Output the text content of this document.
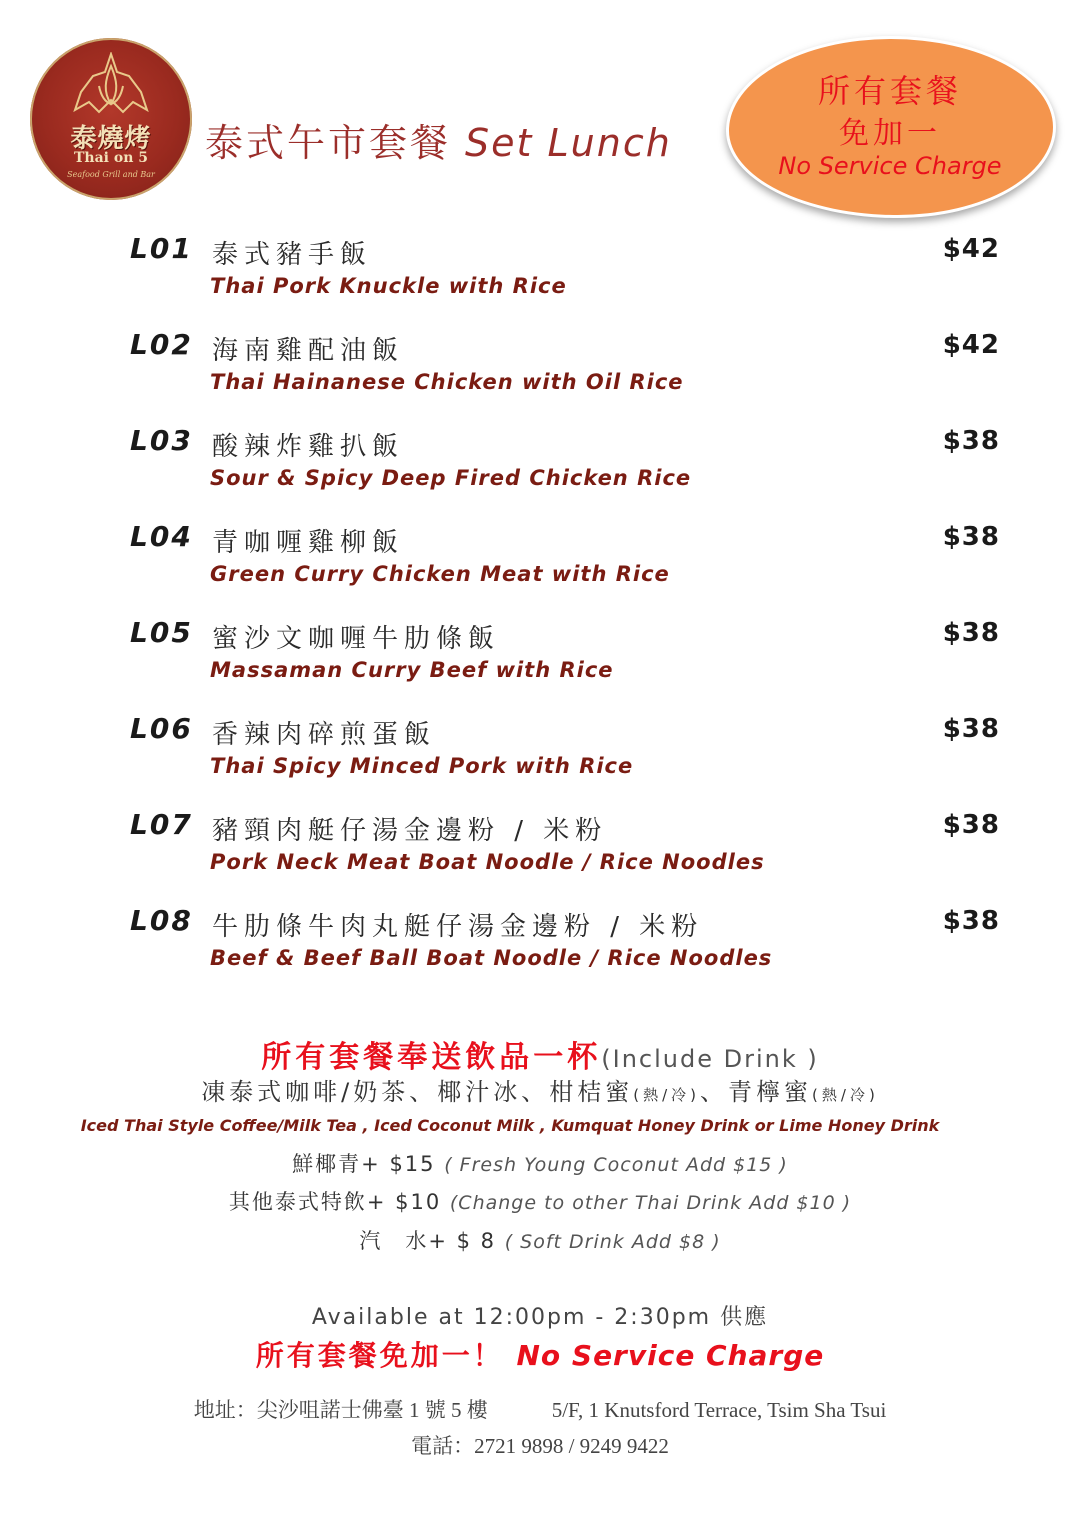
泰燒烤
Thai on 5
Seafood Grill and Bar
泰式午市套餐 Set Lunch
所有套餐
免加一
No Service Charge
L01 泰式豬手飯
Thai Pork Knuckle with Rice
$42
L02 海南雞配油飯
Thai Hainanese Chicken with Oil Rice
$42
L03 酸辣炸雞扒飯
Sour & Spicy Deep Fired Chicken Rice
$38
L04 青咖喱雞柳飯
Green Curry Chicken Meat with Rice
$38
L05 蜜沙文咖喱牛肋條飯
Massaman Curry Beef with Rice
$38
L06 香辣肉碎煎蛋飯
Thai Spicy Minced Pork with Rice
$38
L07 豬頸肉艇仔湯金邊粉 / 米粉
Pork Neck Meat Boat Noodle / Rice Noodles
$38
L08 牛肋條牛肉丸艇仔湯金邊粉 / 米粉
Beef & Beef Ball Boat Noodle / Rice Noodles
$38
所有套餐奉送飲品一杯(Include Drink )
凍泰式咖啡/奶茶、椰汁冰、柑桔蜜(熱/冷)、青檸蜜(熱/冷)
Iced Thai Style Coffee/Milk Tea , Iced Coconut Milk , Kumquat Honey Drink or Lime Honey Drink
鮮椰青+ $15 ( Fresh Young Coconut Add $15 )
其他泰式特飲+ $10 (Change to other Thai Drink Add $10 )
汽　水+ $ 8 ( Soft Drink Add $8 )
Available at 12:00pm - 2:30pm 供應
所有套餐免加一！ No Service Charge
地址：尖沙咀諾士佛臺 1 號 5 樓	5/F, 1 Knutsford Terrace, Tsim Sha Tsui
電話：2721 9898 / 9249 9422
